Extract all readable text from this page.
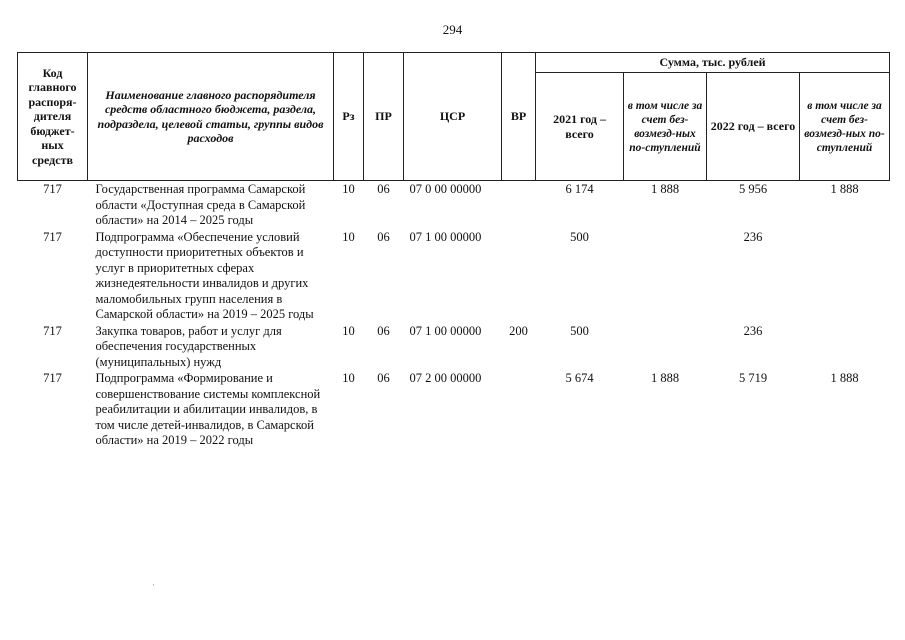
294
Код главного распоря-дителя бюджет-ных средств	Наименование главного распорядителя средств областного бюджета, раздела, подраздела, целевой статьи, группы видов расходов	Рз	ПР	ЦСР	ВР	Сумма, тыс. рублей			
						2021 год – всего	в том числе за счет без-возмезд-ных по-ступлений	2022 год – всего	в том числе за счет без-возмезд-ных по-ступлений
717	Государственная программа Самарской области «Доступная среда в Самарской области» на 2014 – 2025 годы	10	06	07 0 00 00000		6 174	1 888	5 956	1 888
717	Подпрограмма «Обеспечение условий доступности приоритетных объектов и услуг в приоритетных сферах жизнедеятельности инвалидов и других маломобильных групп населения в Самарской области» на 2019 – 2025 годы	10	06	07 1 00 00000		500		236	
717	Закупка товаров, работ и услуг для обеспечения государственных (муниципальных) нужд	10	06	07 1 00 00000	200	500		236	
717	Подпрограмма «Формирование и совершенствование системы комплексной реабилитации и абилитации инвалидов, в том числе детей-инвалидов, в Самарской области» на 2019 – 2022 годы	10	06	07 2 00 00000		5 674	1 888	5 719	1 888
·
